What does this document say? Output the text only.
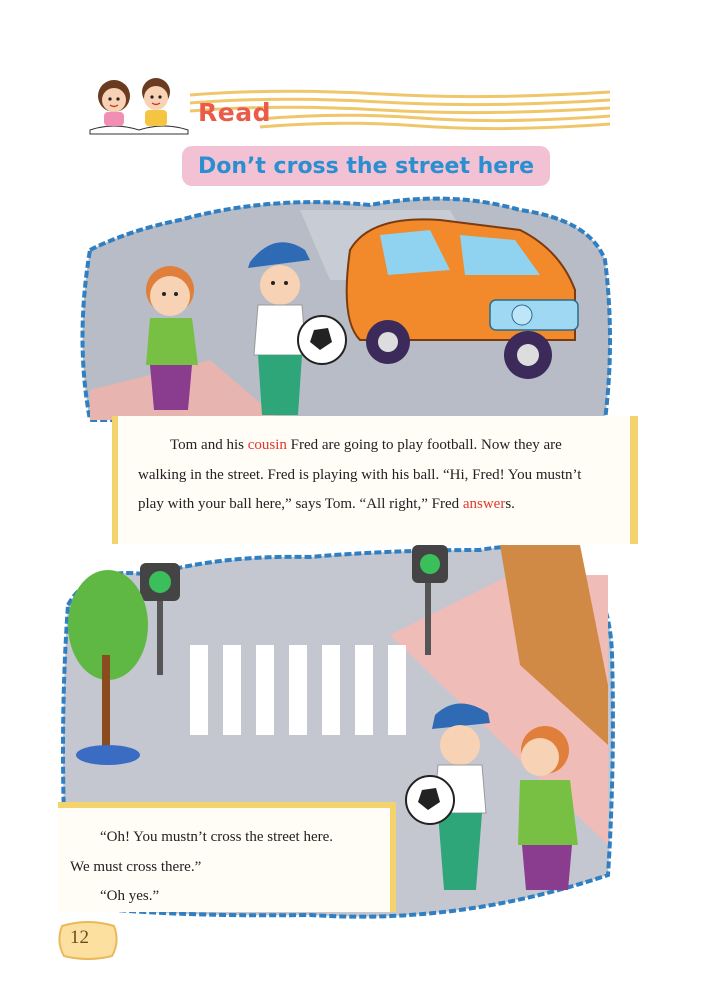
Read
Don’t cross the street here

Tom and his cousin Fred are going to play football. Now they are walking in the street. Fred is playing with his ball. “Hi, Fred! You mustn’t play with your ball here,” says Tom. “All right,” Fred answers.

“Oh! You mustn’t cross the street here.

We must cross there.”

“Oh yes.”

12
